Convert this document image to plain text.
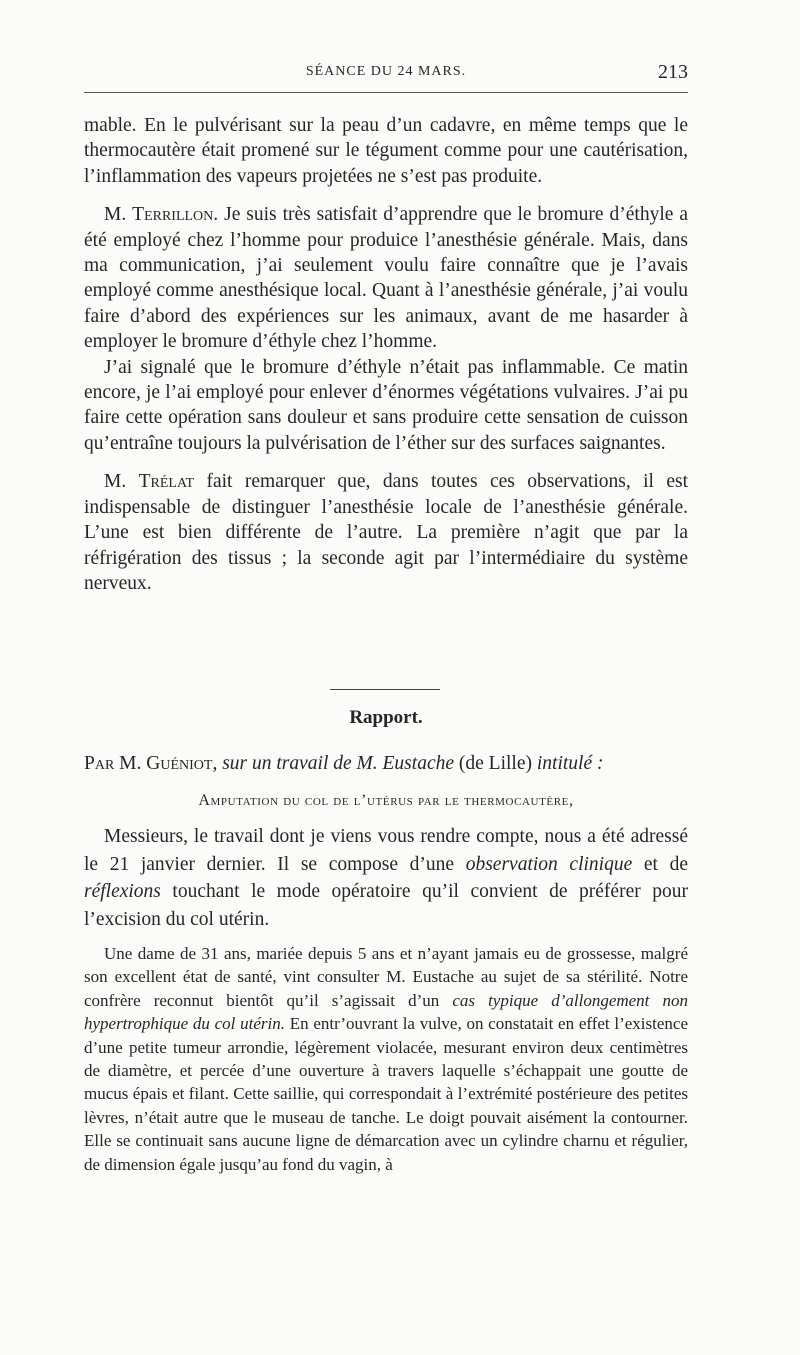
SÉANCE DU 24 MARS.	213

mable. En le pulvérisant sur la peau d’un cadavre, en même temps que le thermocautère était promené sur le tégument comme pour une cautérisation, l’inflammation des vapeurs projetées ne s’est pas produite.

M. Terrillon. Je suis très satisfait d’apprendre que le bromure d’éthyle a été employé chez l’homme pour produice l’anesthésie générale. Mais, dans ma communication, j’ai seulement voulu faire connaître que je l’avais employé comme anesthésique local. Quant à l’anesthésie générale, j’ai voulu faire d’abord des expériences sur les animaux, avant de me hasarder à employer le bromure d’éthyle chez l’homme.

J’ai signalé que le bromure d’éthyle n’était pas inflammable. Ce matin encore, je l’ai employé pour enlever d’énormes végétations vulvaires. J’ai pu faire cette opération sans douleur et sans produire cette sensation de cuisson qu’entraîne toujours la pulvérisation de l’éther sur des surfaces saignantes.

M. Trélat fait remarquer que, dans toutes ces observations, il est indispensable de distinguer l’anesthésie locale de l’anesthésie générale. L’une est bien différente de l’autre. La première n’agit que par la réfrigération des tissus ; la seconde agit par l’intermédiaire du système nerveux.

Rapport.
Par M. Guéniot, sur un travail de M. Eustache (de Lille) intitulé :
Amputation du col de l’utérus par le thermocautère,

Messieurs, le travail dont je viens vous rendre compte, nous a été adressé le 21 janvier dernier. Il se compose d’une observation clinique et de réflexions touchant le mode opératoire qu’il convient de préférer pour l’excision du col utérin.

Une dame de 31 ans, mariée depuis 5 ans et n’ayant jamais eu de grossesse, malgré son excellent état de santé, vint consulter M. Eustache au sujet de sa stérilité. Notre confrère reconnut bientôt qu’il s’agissait d’un cas typique d’allongement non hypertrophique du col utérin. En entr’ouvrant la vulve, on constatait en effet l’existence d’une petite tumeur arrondie, légèrement violacée, mesurant environ deux centimètres de diamètre, et percée d’une ouverture à travers laquelle s’échappait une goutte de mucus épais et filant. Cette saillie, qui correspondait à l’extrémité postérieure des petites lèvres, n’était autre que le museau de tanche. Le doigt pouvait aisément la contourner. Elle se continuait sans aucune ligne de démarcation avec un cylindre charnu et régulier, de dimension égale jusqu’au fond du vagin, à
